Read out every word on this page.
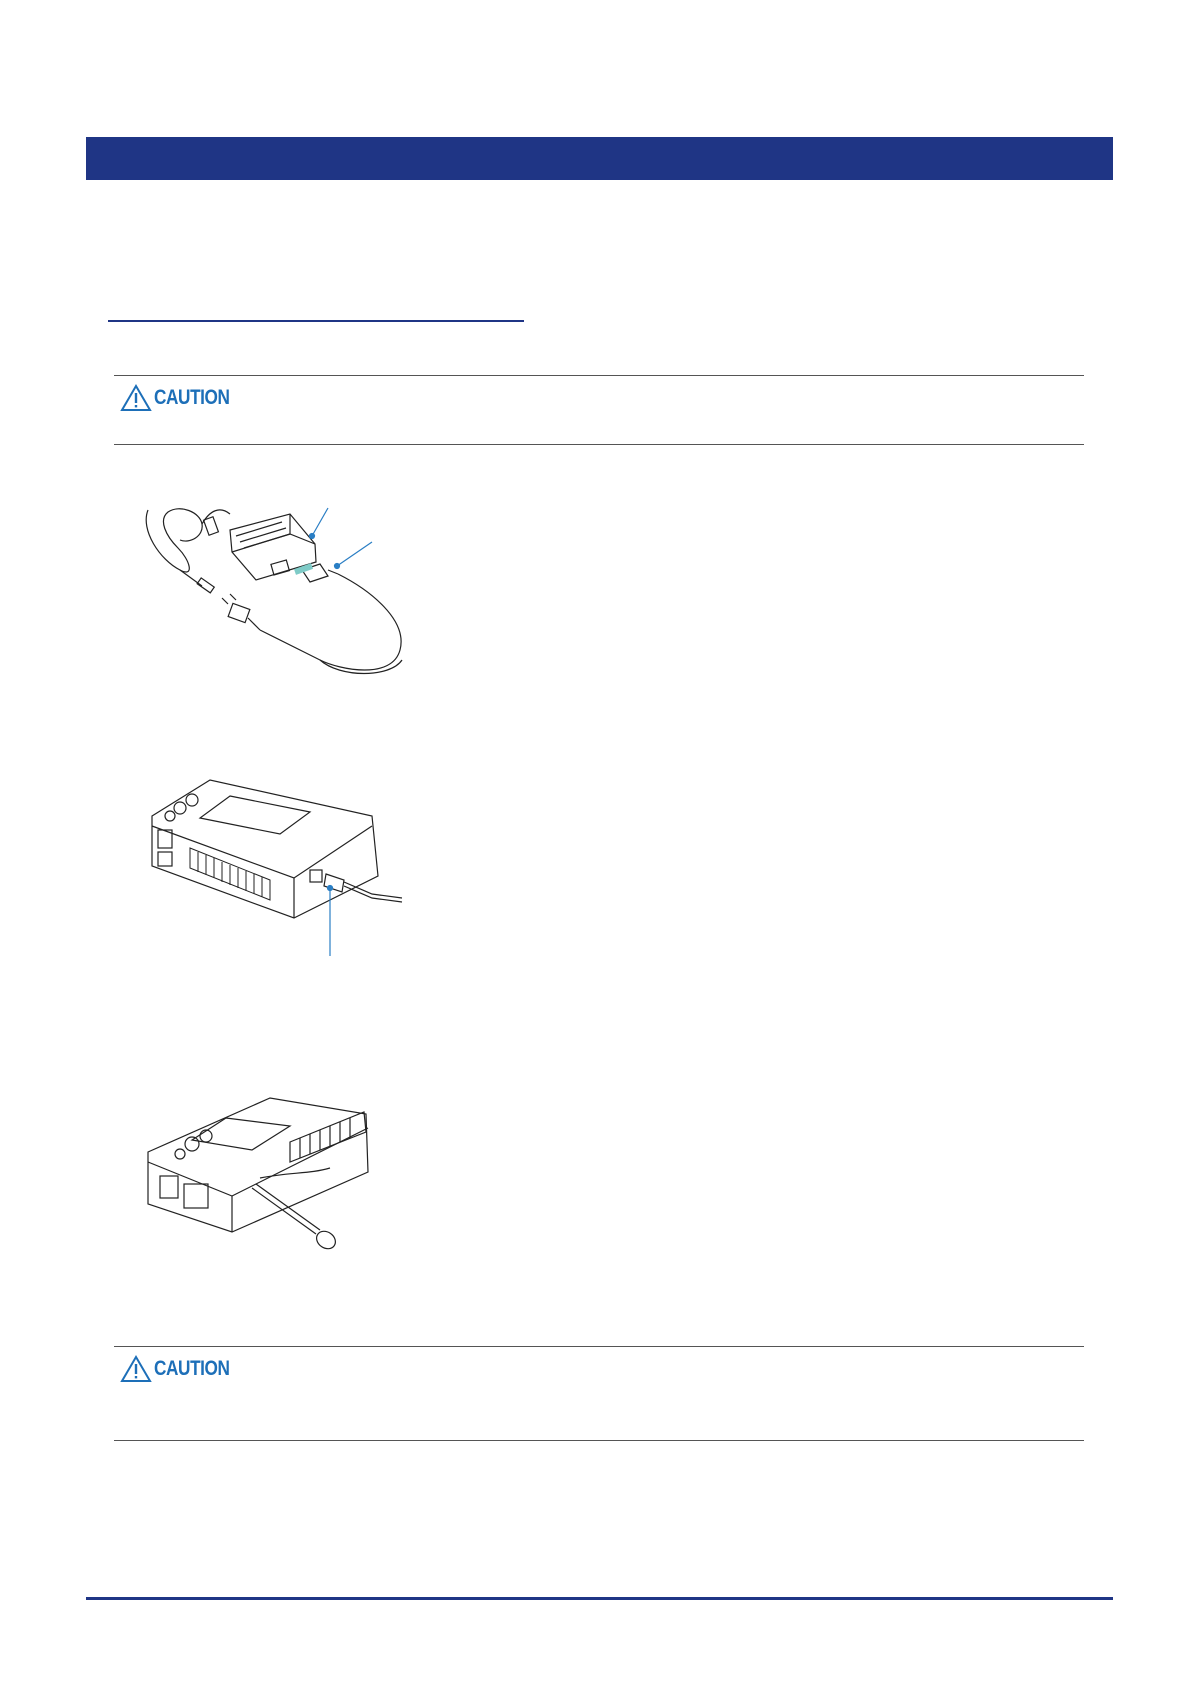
CAUTION
CAUTION
